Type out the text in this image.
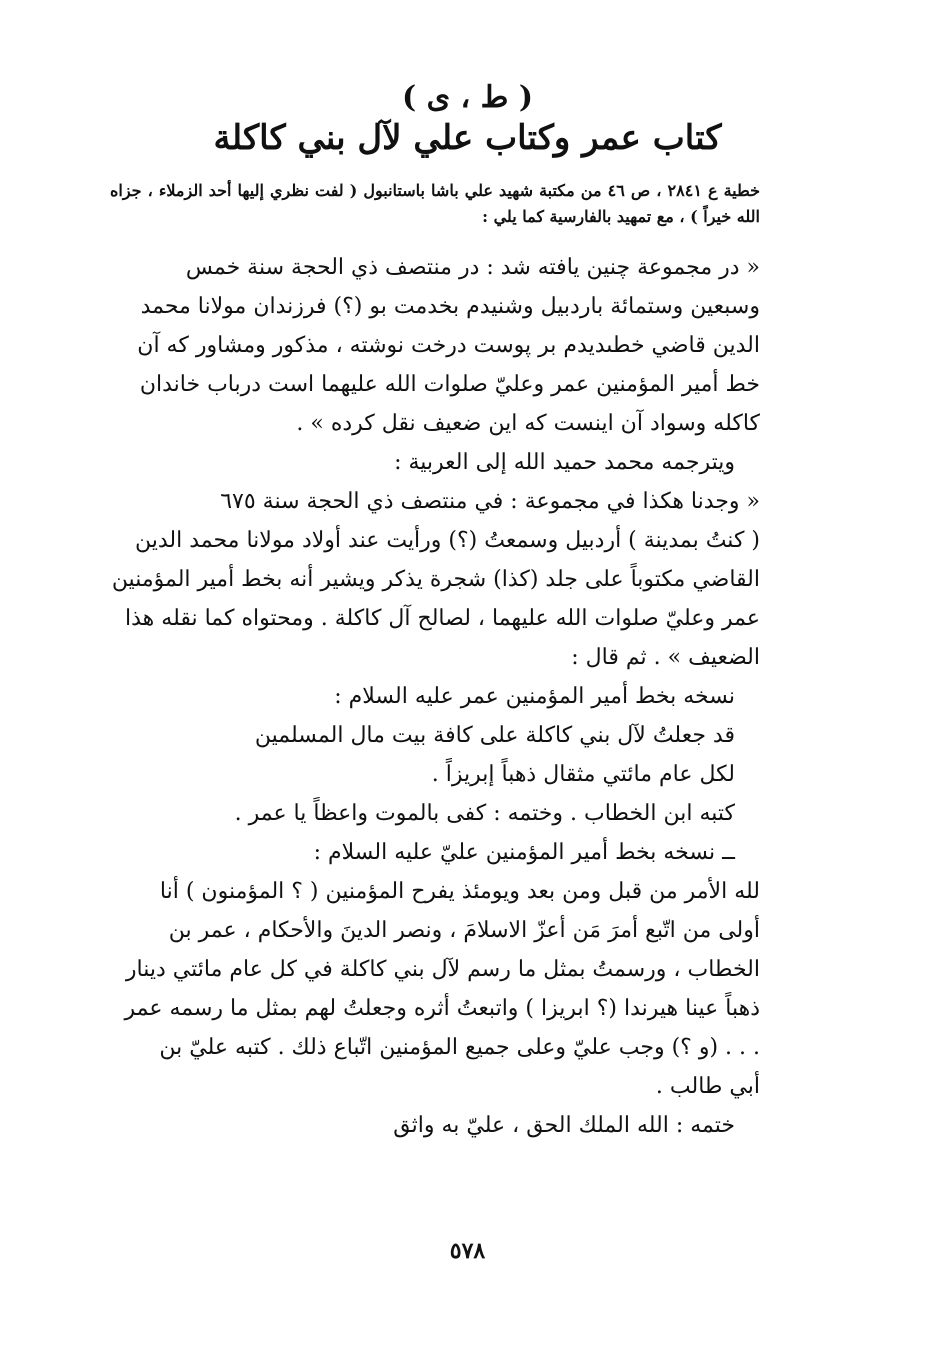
( ط ، ى )
كتاب عمر وكتاب علي لآل بني كاكلة
خطية ع ٢٨٤١ ، ص ٤٦ من مكتبة شهيد علي باشا باستانبول ( لفت نظري إليها أحد الزملاء ، جزاه الله خيراً ) ، مع تمهيد بالفارسية كما يلي :
« در مجموعة چنين يافته شد : در منتصف ذي الحجة سنة خمس
وسبعين وستمائة باردبيل وشنيدم بخدمت بو (؟) فرزندان مولانا محمد
الدين قاضي خطىديدم بر پوست درخت نوشته ، مذكور ومشاور كه آن
خط أمير المؤمنين عمر وعليّ صلوات الله عليهما است درباب خاندان
كاكله وسواد آن اينست كه اين ضعيف نقل كرده » .
ويترجمه محمد حميد الله إلى العربية :
« وجدنا هكذا في مجموعة : في منتصف ذي الحجة سنة ٦٧٥
( كنتُ بمدينة ) أردبيل وسمعتُ (؟) ورأيت عند أولاد مولانا محمد الدين
القاضي مكتوباً على جلد (كذا) شجرة يذكر ويشير أنه بخط أمير المؤمنين
عمر وعليّ صلوات الله عليهما ، لصالح آل كاكلة . ومحتواه كما نقله هذا
الضعيف » . ثم قال :
نسخه بخط أمير المؤمنين عمر عليه السلام :
قد جعلتُ لآل بني كاكلة على كافة بيت مال المسلمين
لكل عام مائتي مثقال ذهباً إبريزاً .
كتبه ابن الخطاب . وختمه : كفى بالموت واعظاً يا عمر .
ــ نسخه بخط أمير المؤمنين عليّ عليه السلام :
لله الأمر من قبل ومن بعد ويومئذ يفرح المؤمنين ( ؟ المؤمنون ) أنا
أولى من اتّبع أمرَ مَن أعزّ الاسلامَ ، ونصر الدينَ والأحكام ، عمر بن
الخطاب ، ورسمتُ بمثل ما رسم لآل بني كاكلة في كل عام مائتي دينار
ذهباً عينا هيرندا (؟ ابريزا ) واتبعتُ أثره وجعلتُ لهم بمثل ما رسمه عمر
. . . (و ؟) وجب عليّ وعلى جميع المؤمنين اتّباع ذلك . كتبه عليّ بن
أبي طالب .
ختمه : الله الملك الحق ، عليّ به واثق
٥٧٨
